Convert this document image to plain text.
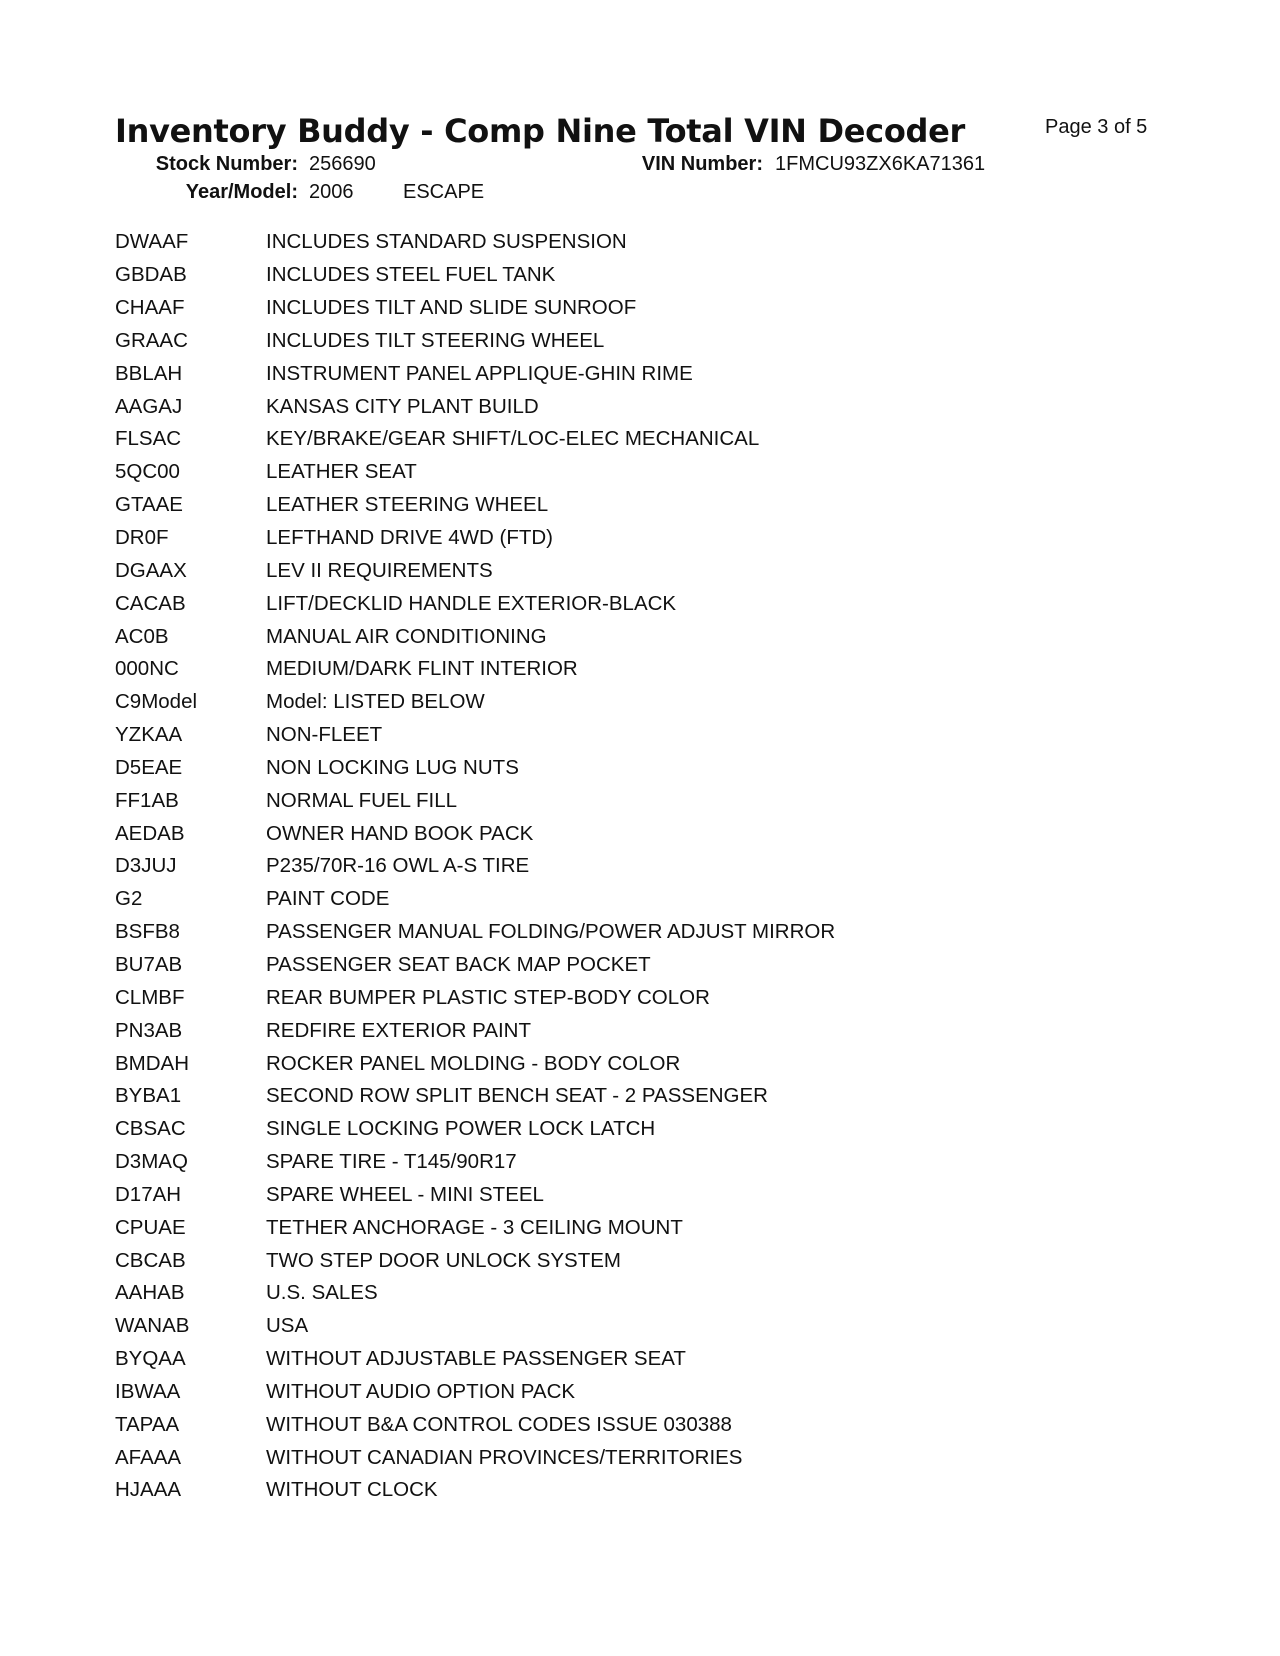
Inventory Buddy - Comp Nine Total VIN Decoder	Page 3 of 5
Stock Number: 256690	VIN Number: 1FMCU93ZX6KA71361
Year/Model: 2006 ESCAPE
DWAAF	INCLUDES STANDARD SUSPENSION
GBDAB	INCLUDES STEEL FUEL TANK
CHAAF	INCLUDES TILT AND SLIDE SUNROOF
GRAAC	INCLUDES TILT STEERING WHEEL
BBLAH	INSTRUMENT PANEL APPLIQUE-GHIN RIME
AAGAJ	KANSAS CITY PLANT BUILD
FLSAC	KEY/BRAKE/GEAR SHIFT/LOC-ELEC MECHANICAL
5QC00	LEATHER SEAT
GTAAE	LEATHER STEERING WHEEL
DR0F	LEFTHAND DRIVE 4WD (FTD)
DGAAX	LEV II REQUIREMENTS
CACAB	LIFT/DECKLID HANDLE EXTERIOR-BLACK
AC0B	MANUAL AIR CONDITIONING
000NC	MEDIUM/DARK FLINT INTERIOR
C9Model	Model: LISTED BELOW
YZKAA	NON-FLEET
D5EAE	NON LOCKING LUG NUTS
FF1AB	NORMAL FUEL FILL
AEDAB	OWNER HAND BOOK PACK
D3JUJ	P235/70R-16 OWL A-S TIRE
G2	PAINT CODE
BSFB8	PASSENGER MANUAL FOLDING/POWER ADJUST MIRROR
BU7AB	PASSENGER SEAT BACK MAP POCKET
CLMBF	REAR BUMPER PLASTIC STEP-BODY COLOR
PN3AB	REDFIRE EXTERIOR PAINT
BMDAH	ROCKER PANEL MOLDING - BODY COLOR
BYBA1	SECOND ROW SPLIT BENCH SEAT - 2 PASSENGER
CBSAC	SINGLE LOCKING POWER LOCK LATCH
D3MAQ	SPARE TIRE - T145/90R17
D17AH	SPARE WHEEL - MINI STEEL
CPUAE	TETHER ANCHORAGE - 3 CEILING MOUNT
CBCAB	TWO STEP DOOR UNLOCK SYSTEM
AAHAB	U.S. SALES
WANAB	USA
BYQAA	WITHOUT ADJUSTABLE PASSENGER SEAT
IBWAA	WITHOUT AUDIO OPTION PACK
TAPAA	WITHOUT B&A CONTROL CODES ISSUE 030388
AFAAA	WITHOUT CANADIAN PROVINCES/TERRITORIES
HJAAA	WITHOUT CLOCK
